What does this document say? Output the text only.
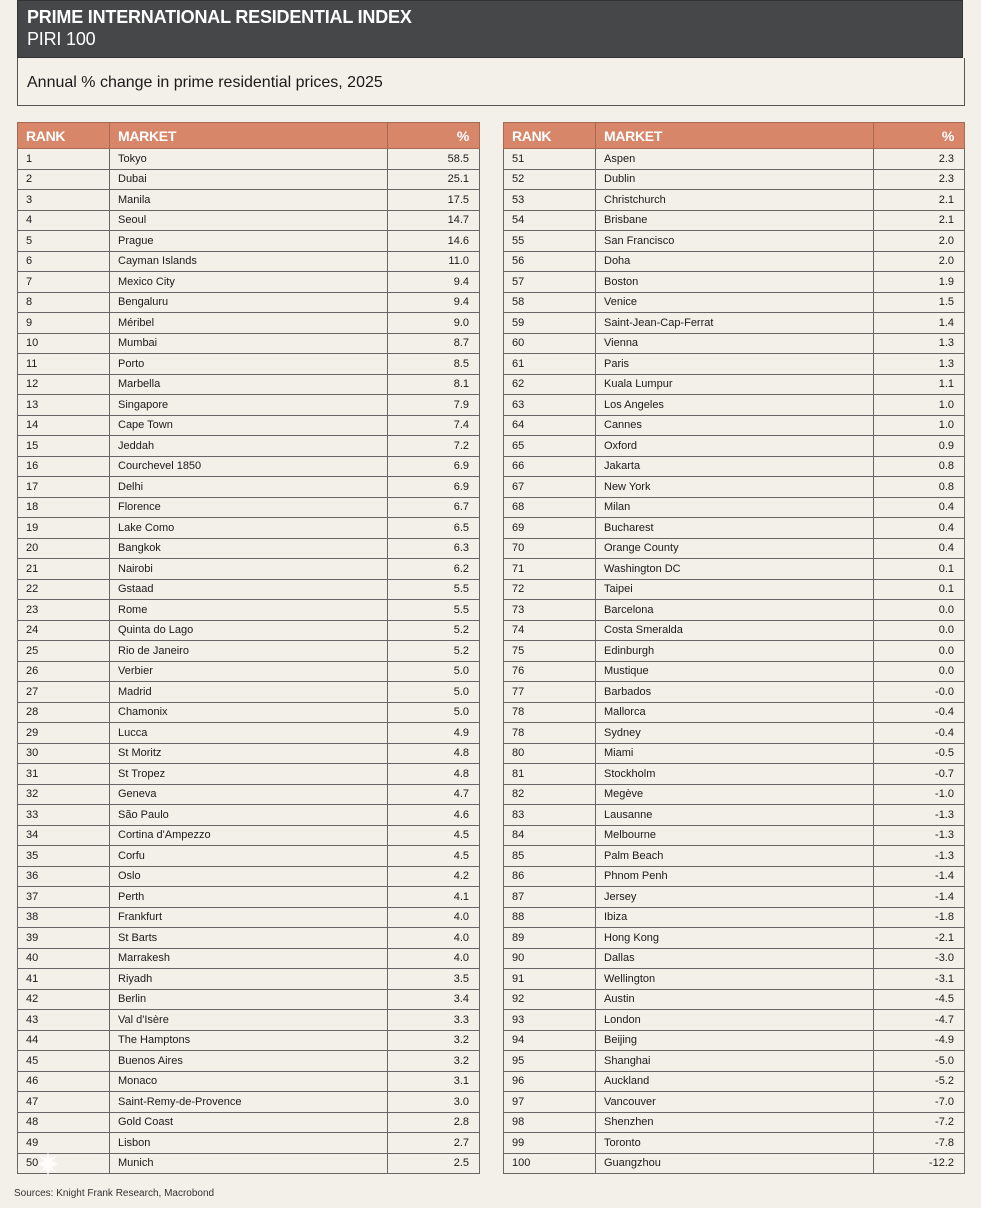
PRIME INTERNATIONAL RESIDENTIAL INDEX
PIRI 100
Annual % change in prime residential prices, 2025
RANK	MARKET	%
1	Tokyo	58.5
2	Dubai	25.1
3	Manila	17.5
4	Seoul	14.7
5	Prague	14.6
6	Cayman Islands	11.0
7	Mexico City	9.4
8	Bengaluru	9.4
9	Méribel	9.0
10	Mumbai	8.7
11	Porto	8.5
12	Marbella	8.1
13	Singapore	7.9
14	Cape Town	7.4
15	Jeddah	7.2
16	Courchevel 1850	6.9
17	Delhi	6.9
18	Florence	6.7
19	Lake Como	6.5
20	Bangkok	6.3
21	Nairobi	6.2
22	Gstaad	5.5
23	Rome	5.5
24	Quinta do Lago	5.2
25	Rio de Janeiro	5.2
26	Verbier	5.0
27	Madrid	5.0
28	Chamonix	5.0
29	Lucca	4.9
30	St Moritz	4.8
31	St Tropez	4.8
32	Geneva	4.7
33	São Paulo	4.6
34	Cortina d'Ampezzo	4.5
35	Corfu	4.5
36	Oslo	4.2
37	Perth	4.1
38	Frankfurt	4.0
39	St Barts	4.0
40	Marrakesh	4.0
41	Riyadh	3.5
42	Berlin	3.4
43	Val d'Isère	3.3
44	The Hamptons	3.2
45	Buenos Aires	3.2
46	Monaco	3.1
47	Saint-Remy-de-Provence	3.0
48	Gold Coast	2.8
49	Lisbon	2.7
50	Munich	2.5
RANK	MARKET	%
51	Aspen	2.3
52	Dublin	2.3
53	Christchurch	2.1
54	Brisbane	2.1
55	San Francisco	2.0
56	Doha	2.0
57	Boston	1.9
58	Venice	1.5
59	Saint-Jean-Cap-Ferrat	1.4
60	Vienna	1.3
61	Paris	1.3
62	Kuala Lumpur	1.1
63	Los Angeles	1.0
64	Cannes	1.0
65	Oxford	0.9
66	Jakarta	0.8
67	New York	0.8
68	Milan	0.4
69	Bucharest	0.4
70	Orange County	0.4
71	Washington DC	0.1
72	Taipei	0.1
73	Barcelona	0.0
74	Costa Smeralda	0.0
75	Edinburgh	0.0
76	Mustique	0.0
77	Barbados	-0.0
78	Mallorca	-0.4
78	Sydney	-0.4
80	Miami	-0.5
81	Stockholm	-0.7
82	Megève	-1.0
83	Lausanne	-1.3
84	Melbourne	-1.3
85	Palm Beach	-1.3
86	Phnom Penh	-1.4
87	Jersey	-1.4
88	Ibiza	-1.8
89	Hong Kong	-2.1
90	Dallas	-3.0
91	Wellington	-3.1
92	Austin	-4.5
93	London	-4.7
94	Beijing	-4.9
95	Shanghai	-5.0
96	Auckland	-5.2
97	Vancouver	-7.0
98	Shenzhen	-7.2
99	Toronto	-7.8
100	Guangzhou	-12.2
Sources: Knight Frank Research, Macrobond
